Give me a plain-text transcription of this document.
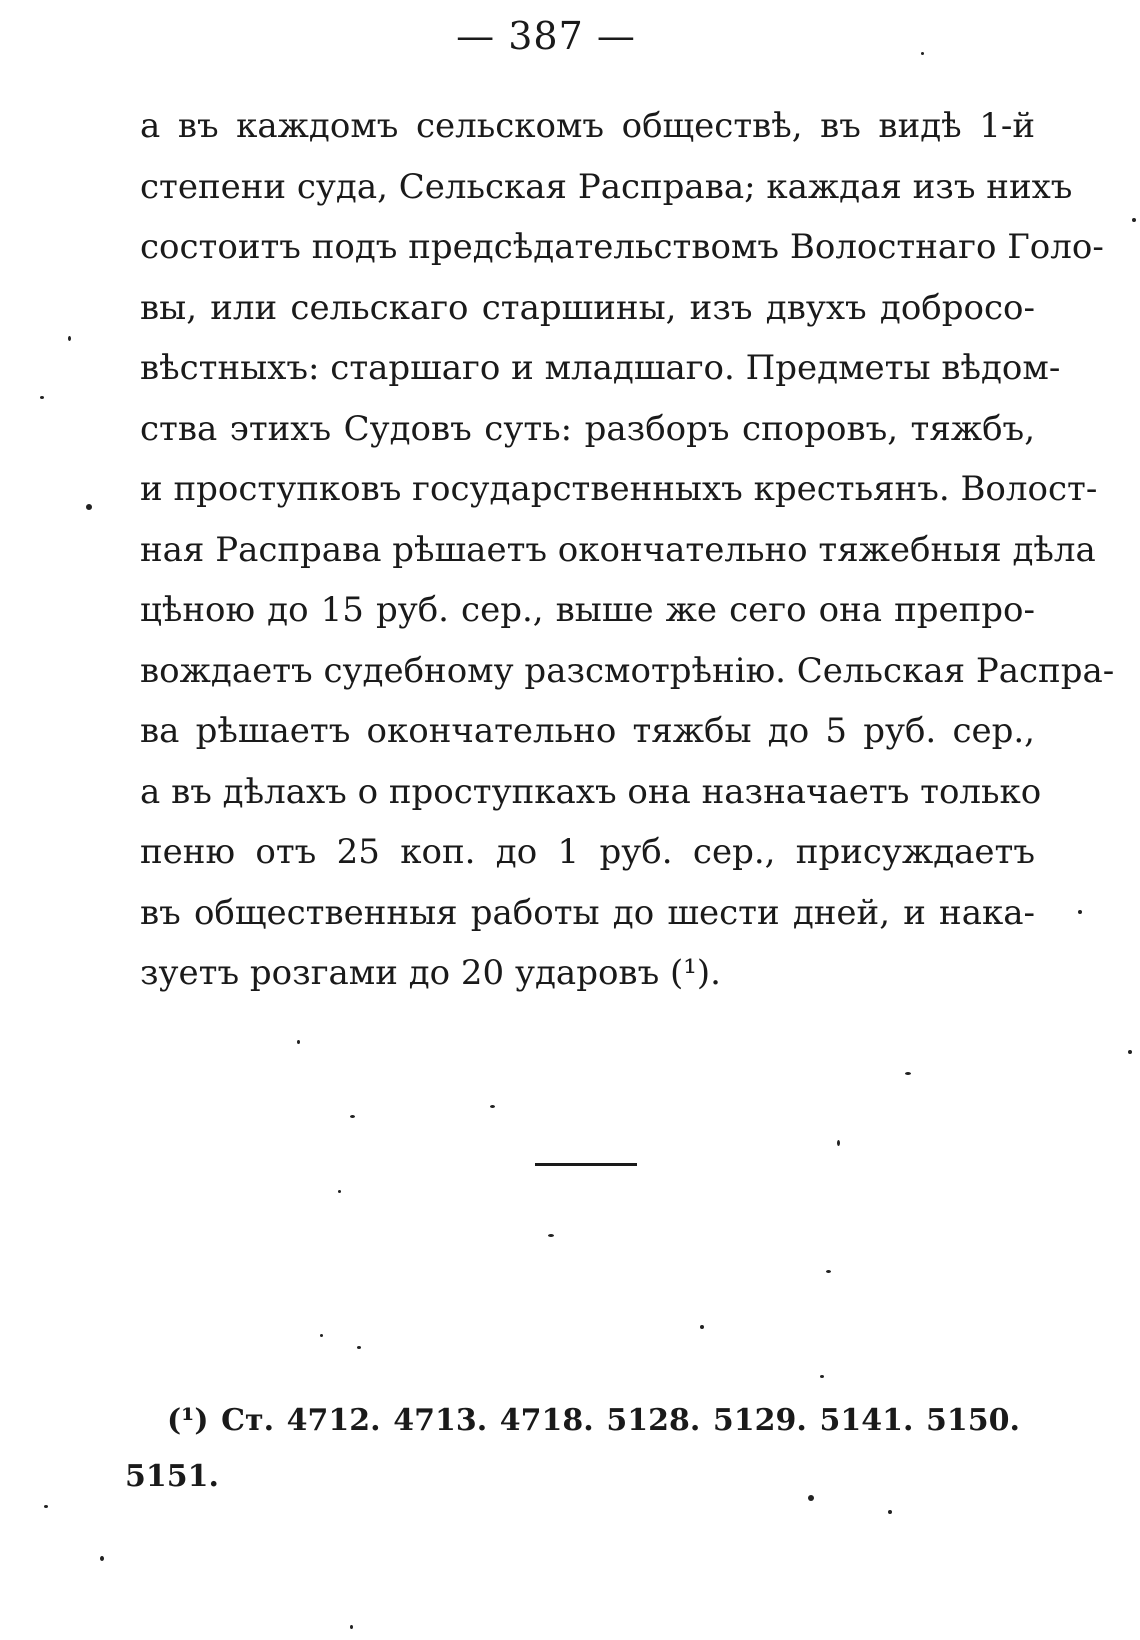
— 387 —
а въ каждомъ сельскомъ обществѣ, въ видѣ 1-й
степени суда, Сельская Расправа; каждая изъ нихъ
состоитъ подъ предсѣдательствомъ Волостнаго Голо-
вы, или сельскаго старшины, изъ двухъ добросо-
вѣстныхъ: старшаго и младшаго. Предметы вѣдом-
ства этихъ Судовъ суть: разборъ споровъ, тяжбъ,
и проступковъ государственныхъ крестьянъ. Волост-
ная Расправа рѣшаетъ окончательно тяжебныя дѣла
цѣною до 15 руб. сер., выше же сего она препро-
вождаетъ судебному разсмотрѣнію. Сельская Распра-
ва рѣшаетъ окончательно тяжбы до 5 руб. сер.,
а въ дѣлахъ о проступкахъ она назначаетъ только
пеню отъ 25 коп. до 1 руб. сер., присуждаетъ
въ общественныя работы до шести дней, и нака-
зуетъ розгами до 20 ударовъ (¹).
(¹) Ст. 4712. 4713. 4718. 5128. 5129. 5141. 5150.
5151.
